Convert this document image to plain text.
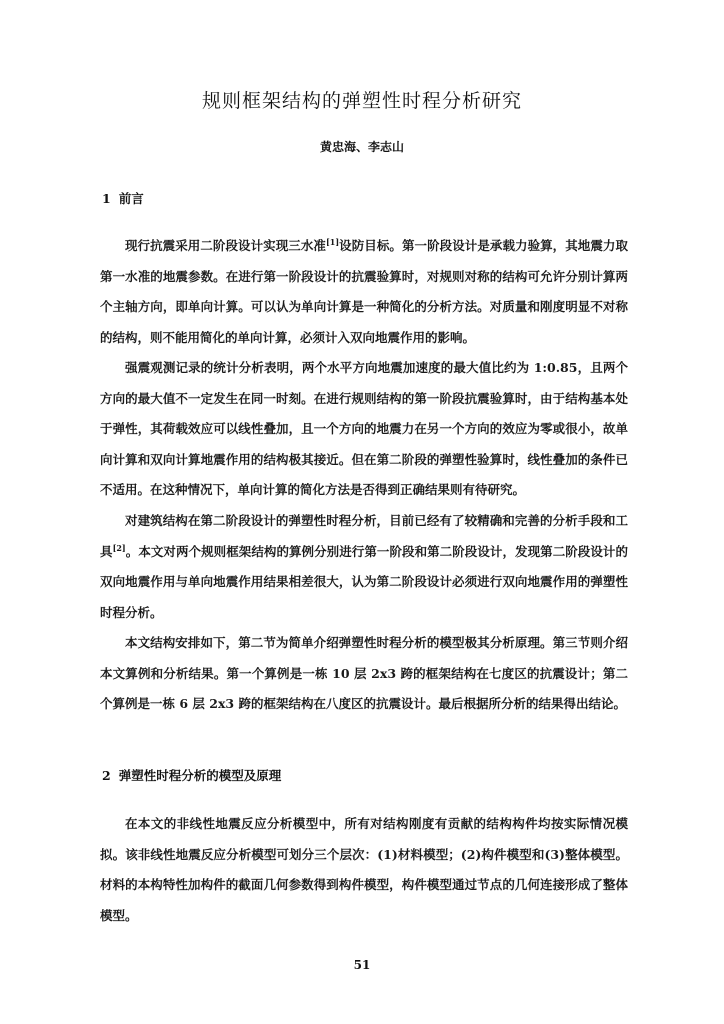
规则框架结构的弹塑性时程分析研究
黄忠海、李志山
1 前言

现行抗震采用二阶段设计实现三水准[1]设防目标。第一阶段设计是承载力验算，其地震力取第一水准的地震参数。在进行第一阶段设计的抗震验算时，对规则对称的结构可允许分别计算两个主轴方向，即单向计算。可以认为单向计算是一种简化的分析方法。对质量和刚度明显不对称的结构，则不能用简化的单向计算，必须计入双向地震作用的影响。

强震观测记录的统计分析表明，两个水平方向地震加速度的最大值比约为 1:0.85，且两个方向的最大值不一定发生在同一时刻。在进行规则结构的第一阶段抗震验算时，由于结构基本处于弹性，其荷载效应可以线性叠加，且一个方向的地震力在另一个方向的效应为零或很小，故单向计算和双向计算地震作用的结构极其接近。但在第二阶段的弹塑性验算时，线性叠加的条件已不适用。在这种情况下，单向计算的简化方法是否得到正确结果则有待研究。

对建筑结构在第二阶段设计的弹塑性时程分析，目前已经有了较精确和完善的分析手段和工具[2]。本文对两个规则框架结构的算例分别进行第一阶段和第二阶段设计，发现第二阶段设计的双向地震作用与单向地震作用结果相差很大，认为第二阶段设计必须进行双向地震作用的弹塑性时程分析。

本文结构安排如下，第二节为简单介绍弹塑性时程分析的模型极其分析原理。第三节则介绍本文算例和分析结果。第一个算例是一栋 10 层 2x3 跨的框架结构在七度区的抗震设计；第二个算例是一栋 6 层 2x3 跨的框架结构在八度区的抗震设计。最后根据所分析的结果得出结论。

2 弹塑性时程分析的模型及原理

在本文的非线性地震反应分析模型中，所有对结构刚度有贡献的结构构件均按实际情况模拟。该非线性地震反应分析模型可划分三个层次：(1)材料模型；(2)构件模型和(3)整体模型。材料的本构特性加构件的截面几何参数得到构件模型，构件模型通过节点的几何连接形成了整体模型。

51
